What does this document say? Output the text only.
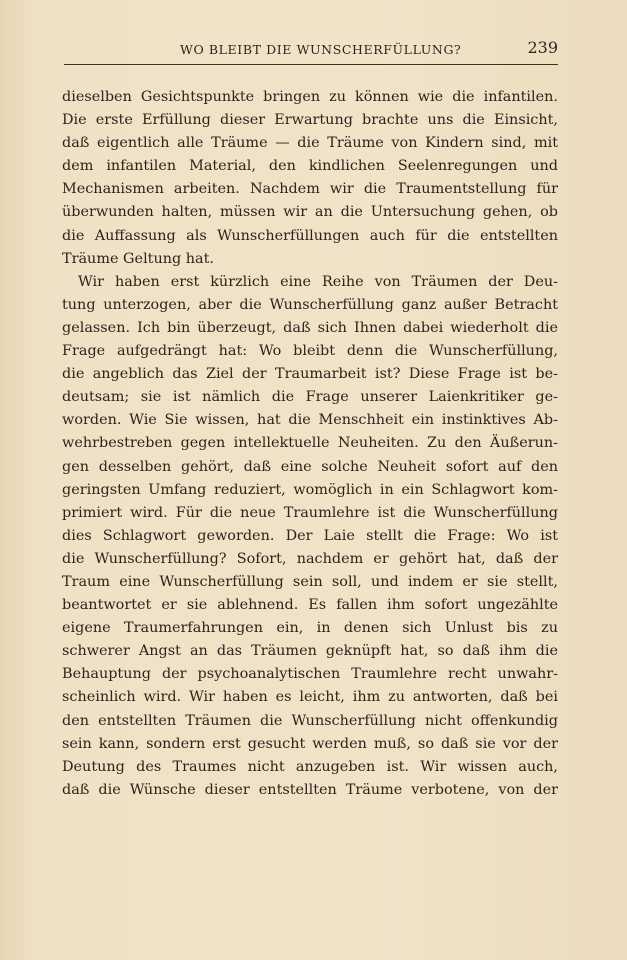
WO BLEIBT DIE WUNSCHERFÜLLUNG?	239
dieselben Gesichtspunkte bringen zu können wie die infantilen.
Die erste Erfüllung dieser Erwartung brachte uns die Einsicht,
daß eigentlich alle Träume — die Träume von Kindern sind, mit
dem infantilen Material, den kindlichen Seelenregungen und
Mechanismen arbeiten. Nachdem wir die Traumentstellung für
überwunden halten, müssen wir an die Untersuchung gehen, ob
die Auffassung als Wunscherfüllungen auch für die entstellten
Träume Geltung hat.
Wir haben erst kürzlich eine Reihe von Träumen der Deu-
tung unterzogen, aber die Wunscherfüllung ganz außer Betracht
gelassen. Ich bin überzeugt, daß sich Ihnen dabei wiederholt die
Frage aufgedrängt hat: Wo bleibt denn die Wunscherfüllung,
die angeblich das Ziel der Traumarbeit ist? Diese Frage ist be-
deutsam; sie ist nämlich die Frage unserer Laienkritiker ge-
worden. Wie Sie wissen, hat die Menschheit ein instinktives Ab-
wehrbestreben gegen intellektuelle Neuheiten. Zu den Äußerun-
gen desselben gehört, daß eine solche Neuheit sofort auf den
geringsten Umfang reduziert, womöglich in ein Schlagwort kom-
primiert wird. Für die neue Traumlehre ist die Wunscherfüllung
dies Schlagwort geworden. Der Laie stellt die Frage: Wo ist
die Wunscherfüllung? Sofort, nachdem er gehört hat, daß der
Traum eine Wunscherfüllung sein soll, und indem er sie stellt,
beantwortet er sie ablehnend. Es fallen ihm sofort ungezählte
eigene Traumerfahrungen ein, in denen sich Unlust bis zu
schwerer Angst an das Träumen geknüpft hat, so daß ihm die
Behauptung der psychoanalytischen Traumlehre recht unwahr-
scheinlich wird. Wir haben es leicht, ihm zu antworten, daß bei
den entstellten Träumen die Wunscherfüllung nicht offenkundig
sein kann, sondern erst gesucht werden muß, so daß sie vor der
Deutung des Traumes nicht anzugeben ist. Wir wissen auch,
daß die Wünsche dieser entstellten Träume verbotene, von der
